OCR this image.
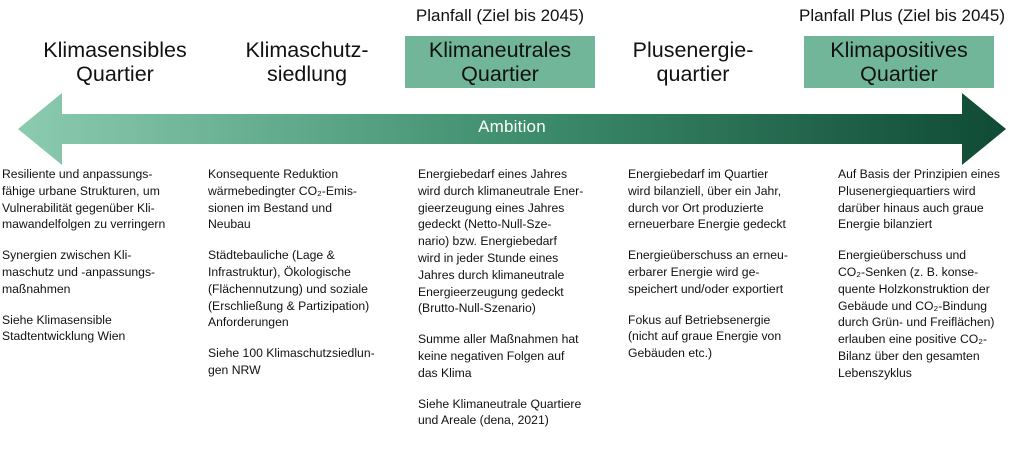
Planfall (Ziel bis 2045)	Planfall Plus (Ziel bis 2045)
Klimasensibles
Quartier
Klimaschutz-
siedlung
Klimaneutrales
Quartier
Plusenergie-
quartier
Klimapositives
Quartier
Ambition

Resiliente und anpassungs-
fähige urbane Strukturen, um
Vulnerabilität gegenüber Kli-
mawandelfolgen zu verringern

Synergien zwischen Kli-
maschutz und -anpassungs-
maßnahmen

Siehe Klimasensible
Stadtentwicklung Wien

Konsequente Reduktion
wärmebedingter CO₂-Emis-
sionen im Bestand und
Neubau

Städtebauliche (Lage &
Infrastruktur), Ökologische
(Flächennutzung) und soziale
(Erschließung & Partizipation)
Anforderungen

Siehe 100 Klimaschutzsiedlun-
gen NRW

Energiebedarf eines Jahres
wird durch klimaneutrale Ener-
gieerzeugung eines Jahres
gedeckt (Netto-Null-Sze-
nario) bzw. Energiebedarf
wird in jeder Stunde eines
Jahres durch klimaneutrale
Energieerzeugung gedeckt
(Brutto-Null-Szenario)

Summe aller Maßnahmen hat
keine negativen Folgen auf
das Klima

Siehe Klimaneutrale Quartiere
und Areale (dena, 2021)

Energiebedarf im Quartier
wird bilanziell, über ein Jahr,
durch vor Ort produzierte
erneuerbare Energie gedeckt

Energieüberschuss an erneu-
erbarer Energie wird ge-
speichert und/oder exportiert

Fokus auf Betriebsenergie
(nicht auf graue Energie von
Gebäuden etc.)

Auf Basis der Prinzipien eines
Plusenergiequartiers wird
darüber hinaus auch graue
Energie bilanziert

Energieüberschuss und
CO₂-Senken (z. B. konse-
quente Holzkonstruktion der
Gebäude und CO₂-Bindung
durch Grün- und Freiflächen)
erlauben eine positive CO₂-
Bilanz über den gesamten
Lebenszyklus
